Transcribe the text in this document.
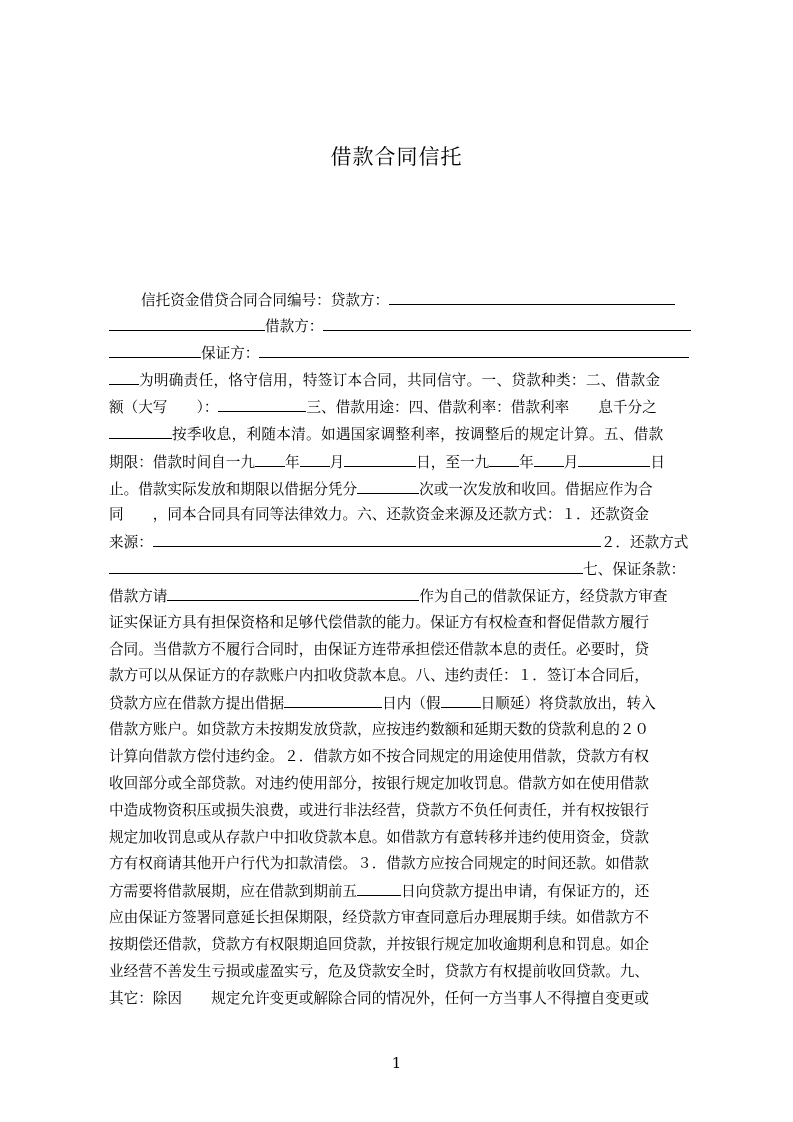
借款合同信托
信托资金借贷合同合同编号：贷款方：
借款方：
保证方：
为明确责任，恪守信用，特签订本合同，共同信守。一、贷款种类：二、借款金
额（大写　　）：	三、借款用途：四、借款利率：借款利率　　息千分之
按季收息，利随本清。如遇国家调整利率，按调整后的规定计算。五、借款
期限：借款时间自一九 年 月	日，至一九 年 月	日
止。借款实际发放和期限以借据分凭分	次或一次发放和收回。借据应作为合
同　　，同本合同具有同等法律效力。六、还款资金来源及还款方式：１．还款资金
来源：	２．还款方式
七、保证条款：
借款方请	作为自己的借款保证方，经贷款方审查
证实保证方具有担保资格和足够代偿借款的能力。保证方有权检查和督促借款方履行
合同。当借款方不履行合同时，由保证方连带承担偿还借款本息的责任。必要时，贷
款方可以从保证方的存款账户内扣收贷款本息。八、违约责任：１．签订本合同后，
贷款方应在借款方提出借据	日内（假	日顺延）将贷款放出，转入
借款方账户。如贷款方未按期发放贷款，应按违约数额和延期天数的贷款利息的２０
计算向借款方偿付违约金。２．借款方如不按合同规定的用途使用借款，贷款方有权
收回部分或全部贷款。对违约使用部分，按银行规定加收罚息。借款方如在使用借款
中造成物资积压或损失浪费，或进行非法经营，贷款方不负任何责任，并有权按银行
规定加收罚息或从存款户中扣收贷款本息。如借款方有意转移并违约使用资金，贷款
方有权商请其他开户行代为扣款清偿。３．借款方应按合同规定的时间还款。如借款
方需要将借款展期，应在借款到期前五	日向贷款方提出申请，有保证方的，还
应由保证方签署同意延长担保期限，经贷款方审查同意后办理展期手续。如借款方不
按期偿还借款，贷款方有权限期追回贷款，并按银行规定加收逾期利息和罚息。如企
业经营不善发生亏损或虚盈实亏，危及贷款安全时，贷款方有权提前收回贷款。九、
其它：除因　　规定允许变更或解除合同的情况外，任何一方当事人不得擅自变更或
1
